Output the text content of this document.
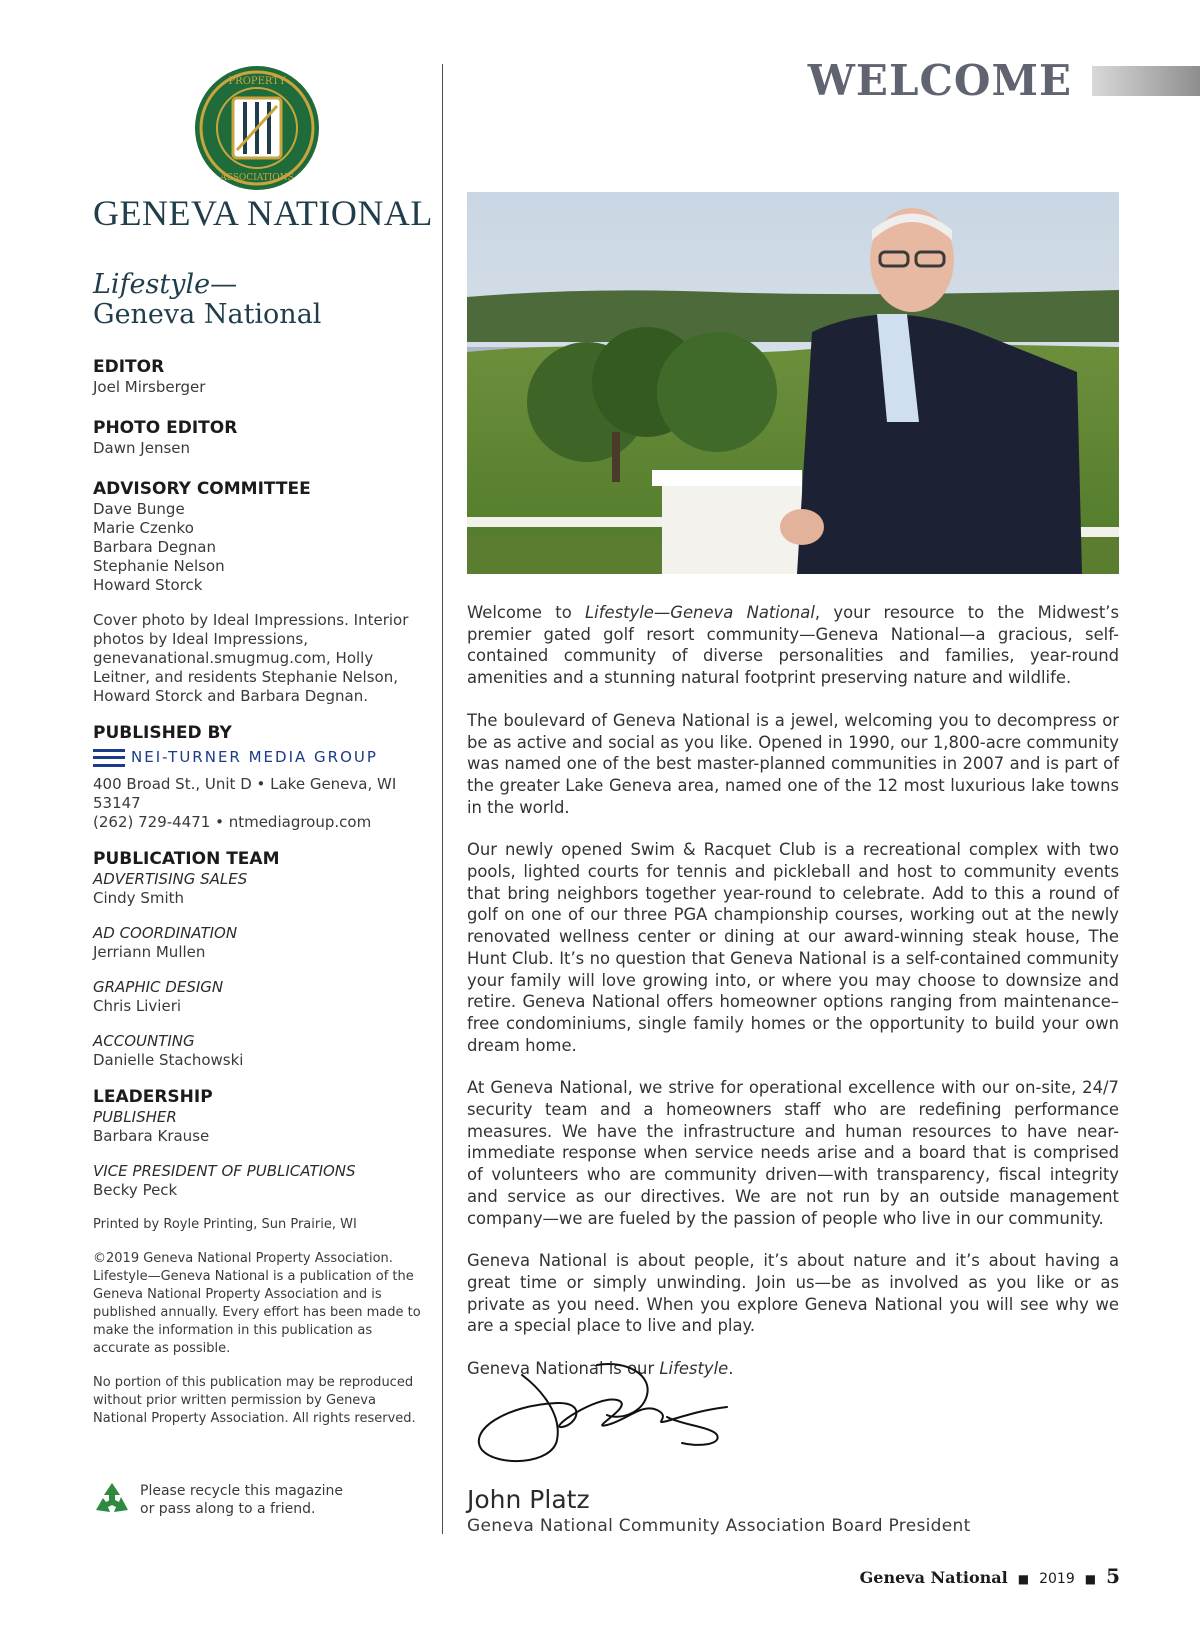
PROPERTY
ASSOCIATIONS
GENEVA NATIONAL
Lifestyle—
Geneva National
EDITOR
Joel Mirsberger
PHOTO EDITOR
Dawn Jensen
ADVISORY COMMITTEE
Dave Bunge
Marie Czenko
Barbara Degnan
Stephanie Nelson
Howard Storck
Cover photo by Ideal Impressions. Interior photos by Ideal Impressions, genevanational.smugmug.com, Holly Leitner, and residents Stephanie Nelson, Howard Storck and Barbara Degnan.
PUBLISHED BY
NEI-TURNER MEDIA GROUP
400 Broad St., Unit D • Lake Geneva, WI 53147
(262) 729-4471 • ntmediagroup.com
PUBLICATION TEAM
ADVERTISING SALES
Cindy Smith
AD COORDINATION
Jerriann Mullen
GRAPHIC DESIGN
Chris Livieri
ACCOUNTING
Danielle Stachowski
LEADERSHIP
PUBLISHER
Barbara Krause
VICE PRESIDENT OF PUBLICATIONS
Becky Peck
Printed by Royle Printing, Sun Prairie, WI
©2019 Geneva National Property Association. Lifestyle—Geneva National is a publication of the Geneva National Property Association and is published annually. Every effort has been made to make the information in this publication as accurate as possible.
No portion of this publication may be reproduced without prior written permission by Geneva National Property Association. All rights reserved.
Please recycle this magazine
or pass along to a friend.
WELCOME

Welcome to Lifestyle—Geneva National, your resource to the Midwest’s premier gated golf resort community—Geneva National—a gracious, self-contained community of diverse personalities and families, year-round amenities and a stunning natural footprint preserving nature and wildlife.

The boulevard of Geneva National is a jewel, welcoming you to decompress or be as active and social as you like. Opened in 1990, our 1,800-acre community was named one of the best master-planned communities in 2007 and is part of the greater Lake Geneva area, named one of the 12 most luxurious lake towns in the world.

Our newly opened Swim & Racquet Club is a recreational complex with two pools, lighted courts for tennis and pickleball and host to community events that bring neighbors together year-round to celebrate. Add to this a round of golf on one of our three PGA championship courses, working out at the newly renovated wellness center or dining at our award-winning steak house, The Hunt Club. It’s no question that Geneva National is a self-contained community your family will love growing into, or where you may choose to downsize and retire. Geneva National offers homeowner options ranging from maintenance–free condominiums, single family homes or the opportunity to build your own dream home.

At Geneva National, we strive for operational excellence with our on-site, 24/7 security team and a homeowners staff who are redefining performance measures. We have the infrastructure and human resources to have near-immediate response when service needs arise and a board that is comprised of volunteers who are community driven—with transparency, fiscal integrity and service as our directives. We are not run by an outside management company—we are fueled by the passion of people who live in our community.

Geneva National is about people, it’s about nature and it’s about having a great time or simply unwinding. Join us—be as involved as you like or as private as you need. When you explore Geneva National you will see why we are a special place to live and play.

Geneva National is our Lifestyle.

John Platz
Geneva National Community Association Board President
Geneva National ■ 2019 ■ 5
